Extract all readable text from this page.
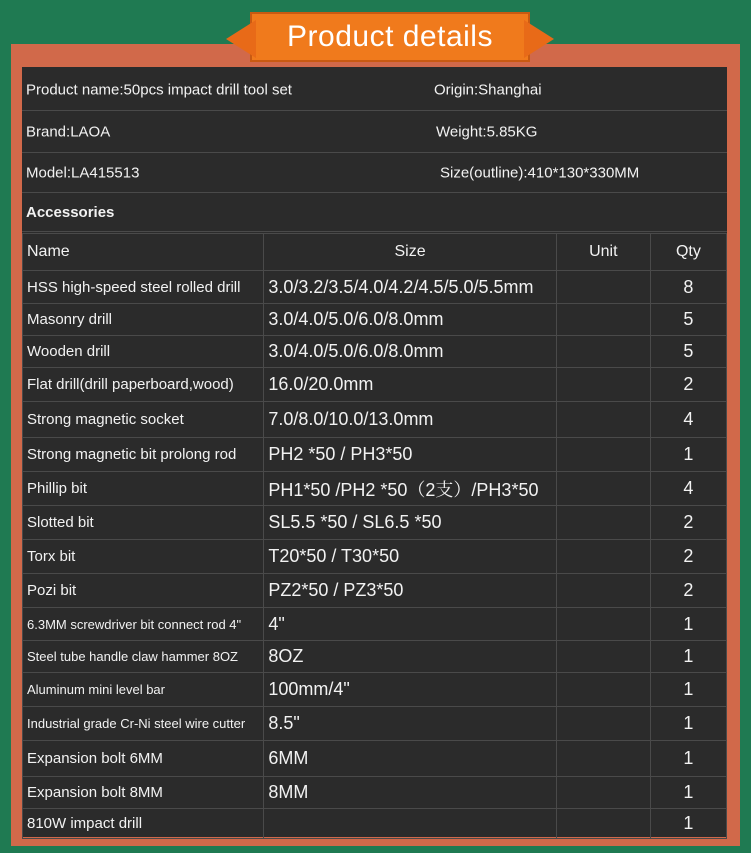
Product details
Product name:50pcs impact drill tool set	Origin:Shanghai
Brand:LAOA	Weight:5.85KG
Model:LA415513	Size(outline):410*130*330MM
Accessories
Name	Size	Unit	Qty
HSS high-speed steel rolled drill	3.0/3.2/3.5/4.0/4.2/4.5/5.0/5.5mm		8
Masonry drill	3.0/4.0/5.0/6.0/8.0mm		5
Wooden drill	3.0/4.0/5.0/6.0/8.0mm		5
Flat drill(drill paperboard,wood)	16.0/20.0mm		2
Strong magnetic socket	7.0/8.0/10.0/13.0mm		4
Strong magnetic bit prolong rod	PH2 *50 / PH3*50		1
Phillip bit	PH1*50 /PH2 *50（2支）/PH3*50		4
Slotted bit	SL5.5 *50 / SL6.5 *50		2
Torx bit	T20*50 / T30*50		2
Pozi bit	PZ2*50 / PZ3*50		2
6.3MM screwdriver bit connect rod 4"	4"		1
Steel tube handle claw hammer 8OZ	8OZ		1
Aluminum mini level bar	100mm/4"		1
Industrial grade Cr-Ni steel wire cutter	8.5"		1
Expansion bolt 6MM	6MM		1
Expansion bolt 8MM	8MM		1
810W impact drill			1
